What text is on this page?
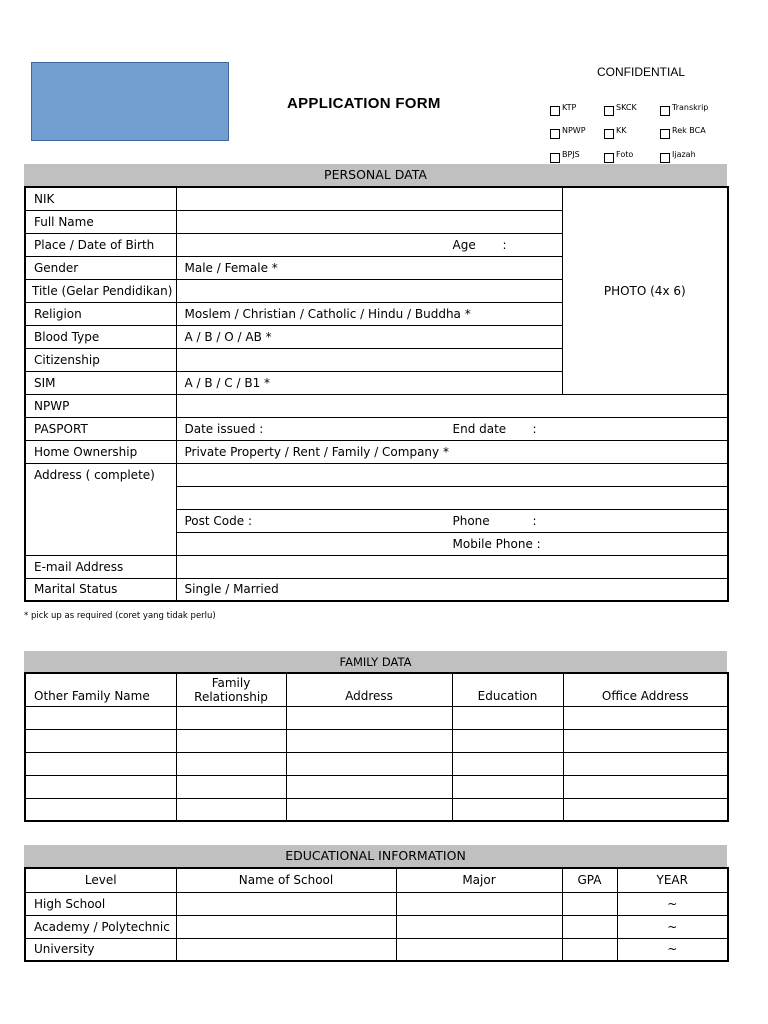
APPLICATION FORM
CONFIDENTIAL
KTP	SKCK	Transkrip
NPWP	KK	Rek BCA
BPJS	Foto	Ijazah
PERSONAL DATA
NIK		PHOTO (4x 6)
Full Name		
Place / Date of Birth	Age :	

Gender	Male / Female *	
Title (Gelar Pendidikan)		
Religion	Moslem / Christian / Catholic / Hindu / Buddha *	
Blood Type	A / B / O / AB *	
Citizenship		
SIM	A / B / C / B1 *	
NPWP		
PASPORT	Date issued : End date :	

Home Ownership	Private Property / Rent / Family / Company *	
Address ( complete)		

	Post Code : Phone :	

	Mobile Phone :	

E-mail Address		
Marital Status	Single / Married	
* pick up as required (coret yang tidak perlu)
FAMILY DATA
Other Family Name	Family Relationship	Address	Education	Office Address

EDUCATIONAL INFORMATION
Level	Name of School	Major	GPA	YEAR
High School				~
Academy / Polytechnic				~
University				~
